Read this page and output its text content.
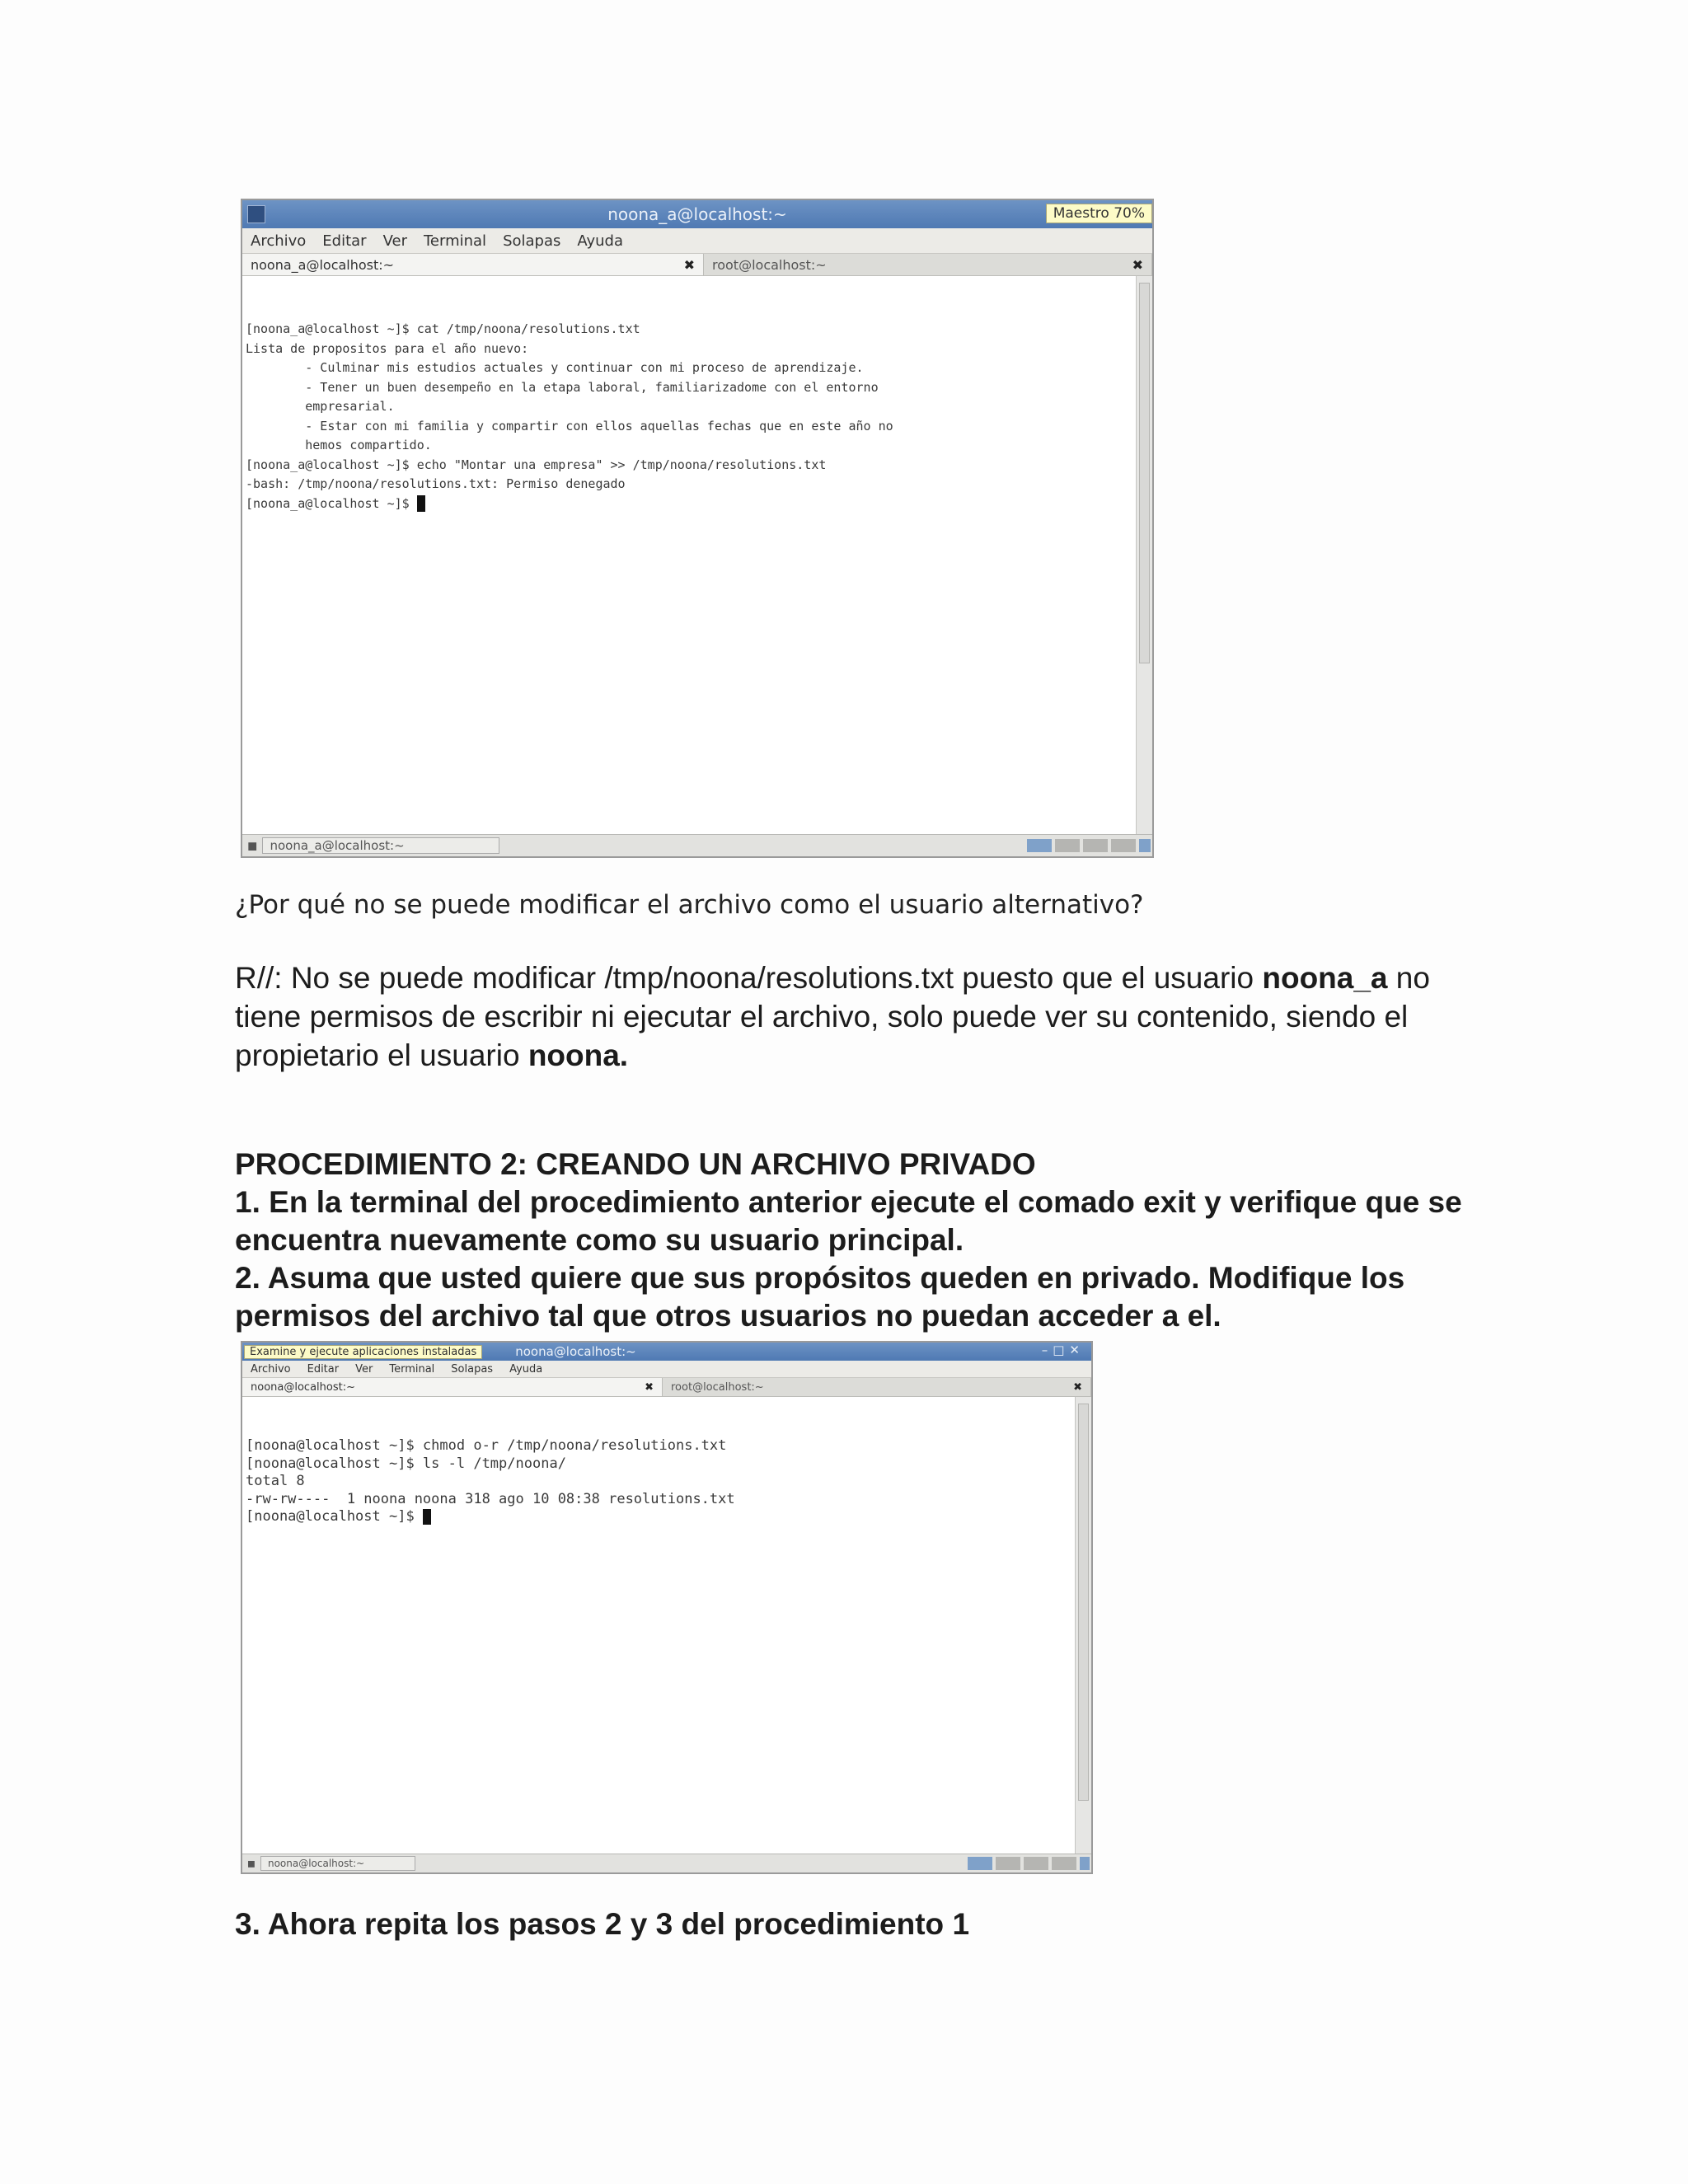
noona_a@localhost:~	Maestro 70%
Archivo Editar Ver Terminal Solapas Ayuda
noona_a@localhost:~	✖ root@localhost:~	✖

[noona_a@localhost ~]$ cat /tmp/noona/resolutions.txt
Lista de propositos para el año nuevo:
- Culminar mis estudios actuales y continuar con mi proceso de aprendizaje.
- Tener un buen desempeño en la etapa laboral, familiarizadome con el entorno
empresarial.
- Estar con mi familia y compartir con ellos aquellas fechas que en este año no
hemos compartido.
[noona_a@localhost ~]$ echo "Montar una empresa" >> /tmp/noona/resolutions.txt
-bash: /tmp/noona/resolutions.txt: Permiso denegado
[noona_a@localhost ~]$

◼ noona_a@localhost:~
¿Por qué no se puede modificar el archivo como el usuario alternativo?
R//: No se puede modificar /tmp/noona/resolutions.txt puesto que el usuario noona_a no tiene permisos de escribir ni ejecutar el archivo, solo puede ver su contenido, siendo el propietario el usuario noona.
PROCEDIMIENTO 2: CREANDO UN ARCHIVO PRIVADO
1. En la terminal del procedimiento anterior ejecute el comado exit y verifique que se encuentra nuevamente como su usuario principal.
2. Asuma que usted quiere que sus propósitos queden en privado. Modifique los permisos del archivo tal que otros usuarios no puedan acceder a el.
Examine y ejecute aplicaciones instaladas	noona@localhost:~	–□✕
Archivo Editar Ver Terminal Solapas Ayuda
noona@localhost:~	✖ root@localhost:~	✖

[noona@localhost ~]$ chmod o-r /tmp/noona/resolutions.txt
[noona@localhost ~]$ ls -l /tmp/noona/
total 8
-rw-rw----  1 noona noona 318 ago 10 08:38 resolutions.txt
[noona@localhost ~]$

◼ noona@localhost:~
3. Ahora repita los pasos 2 y 3 del procedimiento 1
